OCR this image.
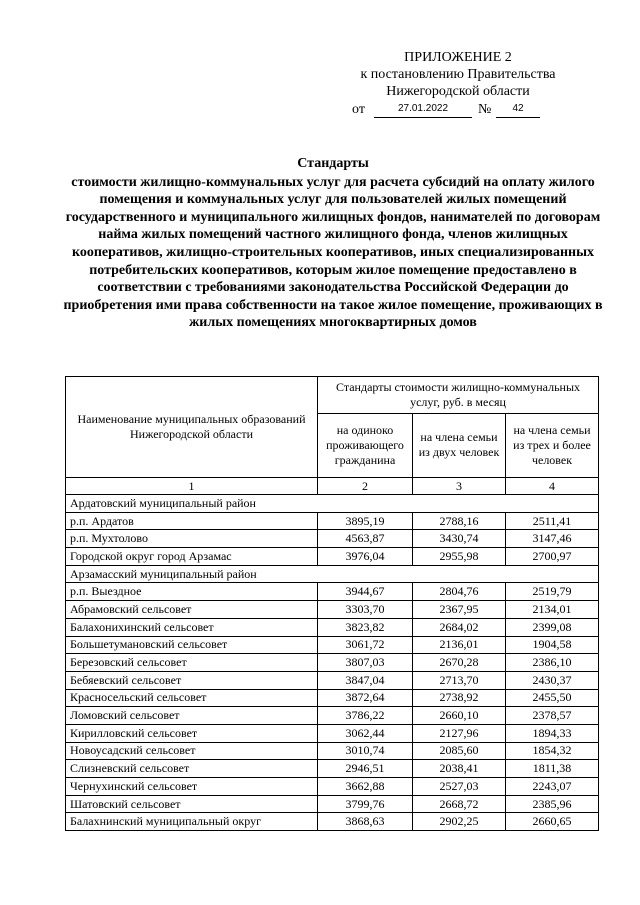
ПРИЛОЖЕНИЕ 2
к постановлению Правительства
Нижегородской области
от	27.01.2022	№	42
Стандарты
стоимости жилищно-коммунальных услуг для расчета субсидий на оплату жилого помещения и коммунальных услуг для пользователей жилых помещений государственного и муниципального жилищных фондов, нанимателей по договорам найма жилых помещений частного жилищного фонда, членов жилищных кооперативов, жилищно-строительных кооперативов, иных специализированных потребительских кооперативов, которым жилое помещение предоставлено в соответствии с требованиями законодательства Российской Федерации до приобретения ими права собственности на такое жилое помещение, проживающих в жилых помещениях многоквартирных домов
Наименование муниципальных образований Нижегородской области	Стандарты стоимости жилищно-коммунальных услуг, руб. в месяц		
	на одиноко проживающего гражданина	на члена семьи из двух человек	на члена семьи из трех и более человек
1	2	3	4
Ардатовский муниципальный район			
р.п. Ардатов	3895,19	2788,16	2511,41
р.п. Мухтолово	4563,87	3430,74	3147,46
Городской округ город Арзамас	3976,04	2955,98	2700,97
Арзамасский муниципальный район			
р.п. Выездное	3944,67	2804,76	2519,79
Абрамовский сельсовет	3303,70	2367,95	2134,01
Балахонихинский сельсовет	3823,82	2684,02	2399,08
Большетумановский сельсовет	3061,72	2136,01	1904,58
Березовский сельсовет	3807,03	2670,28	2386,10
Бебяевский сельсовет	3847,04	2713,70	2430,37
Красносельский сельсовет	3872,64	2738,92	2455,50
Ломовский сельсовет	3786,22	2660,10	2378,57
Кирилловский сельсовет	3062,44	2127,96	1894,33
Новоусадский сельсовет	3010,74	2085,60	1854,32
Слизневский сельсовет	2946,51	2038,41	1811,38
Чернухинский сельсовет	3662,88	2527,03	2243,07
Шатовский сельсовет	3799,76	2668,72	2385,96
Балахнинский муниципальный округ	3868,63	2902,25	2660,65
